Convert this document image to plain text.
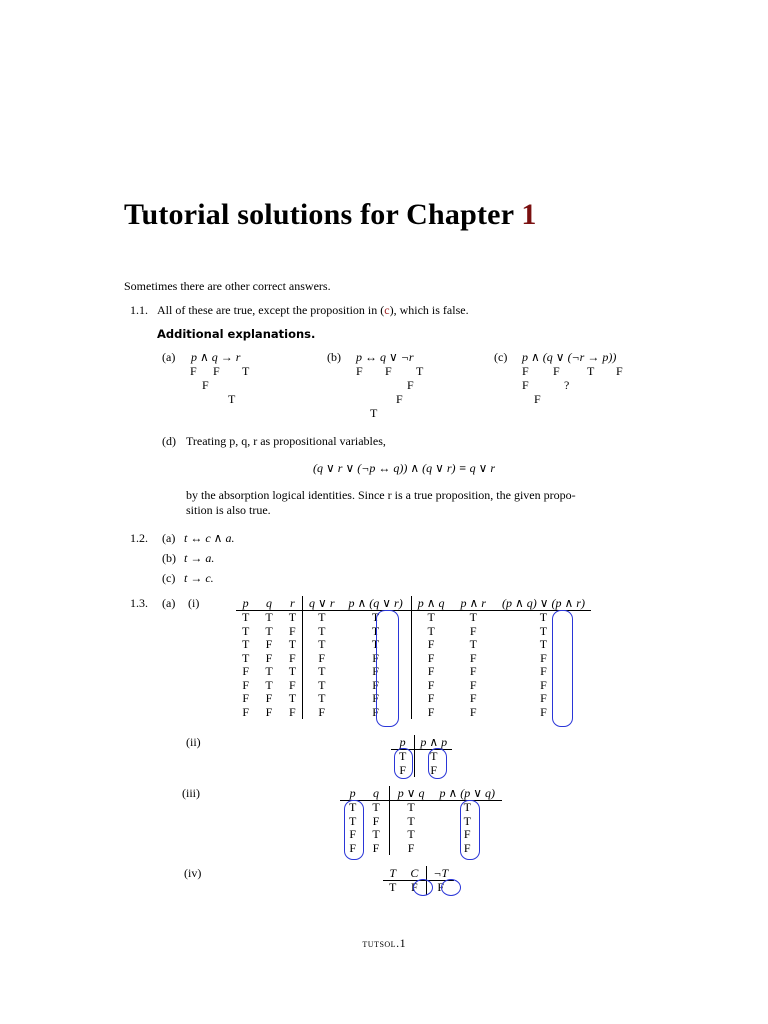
Tutorial solutions for Chapter 1
Sometimes there are other correct answers.
1.1. All of these are true, except the proposition in (c), which is false.
Additional explanations.
(a) p ∧ q → r
F F T
F
T
(b) p ↔ q ∨ ¬r
F F T
F
F
T
(c) p ∧ (q ∨ (¬r → p))
F F T F
F	?
F
(d) Treating p, q, r as propositional variables,
(q ∨ r ∨ (¬p ↔ q)) ∧ (q ∨ r) ≡ q ∨ r
by the absorption logical identities. Since r is a true proposition, the given propo-
sition is also true.
1.2. (a) t ↔ c ∧ a.
(b) t → a.
(c) t → c.
1.3. (a) (i)
(ii)
(iii)
(iv)
p	q	r	q ∨ r	p ∧ (q ∨ r)	p ∧ q	p ∧ r	(p ∧ q) ∨ (p ∧ r)
T	T	T	T	T	T	T	T
T	T	F	T	T	T	F	T
T	F	T	T	T	F	T	T
T	F	F	F	F	F	F	F
F	T	T	T	F	F	F	F
F	T	F	T	F	F	F	F
F	F	T	T	F	F	F	F
F	F	F	F	F	F	F	F
p	p ∧ p
T	T
F	F
p	q	p ∨ q	p ∧ (p ∨ q)
T	T	T	T
T	F	T	T
F	T	T	F
F	F	F	F
T	C	¬T
T	F	F
tutsol.1
